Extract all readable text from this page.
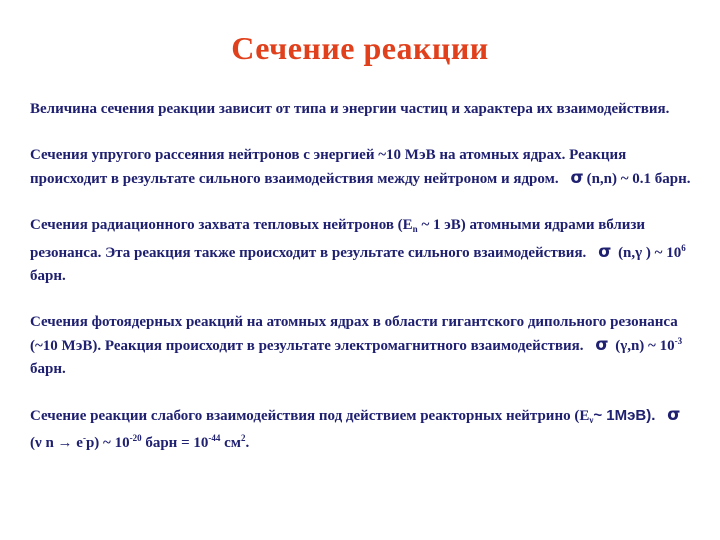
Сечение реакции

Величина сечения реакции зависит от типа и энергии частиц и характера их взаимодействия.

Сечения упругого рассеяния нейтронов с энергией ~10 МэВ на атомных ядрах. Реакция происходит в результате сильного взаимодействия между нейтроном и ядром. σ (n,n) ~ 0.1 барн.

Сечения радиационного захвата тепловых нейтронов ($E_n$ ~ 1 эВ) атомными ядрами вблизи резонанса. Эта реакция также происходит в результате сильного взаимодействия. σ (n,γ ) ~ $10^6$ барн.

Сечения фотоядерных реакций на атомных ядрах в области гигантского дипольного резонанса (~10 МэВ). Реакция происходит в результате электромагнитного взаимодействия. σ (γ,n) ~ $10^{-3}$ барн.

Сечение реакции слабого взаимодействия под действием реакторных нейтрино ($E_\nu\sim$ 1МэВ). σ (ν n → e-p) ~ $10^{-20}$ барн = $10^{-44}$ $см^2$.
